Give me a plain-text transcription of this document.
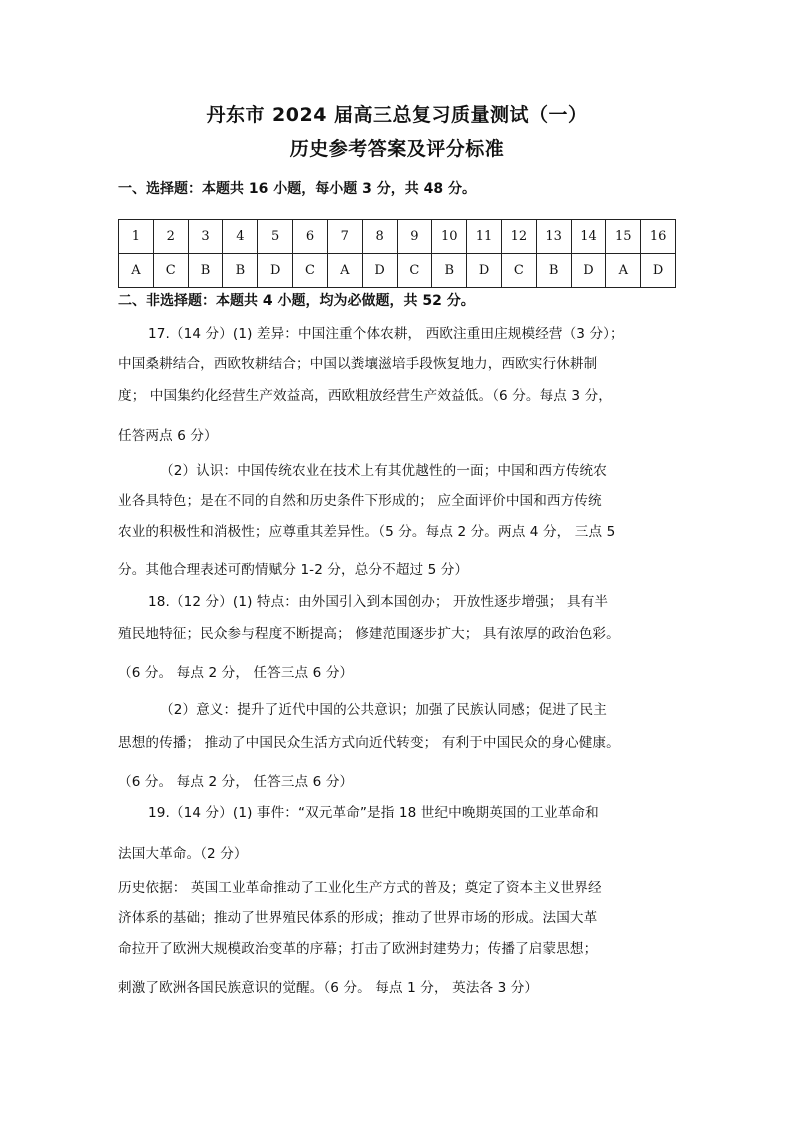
丹东市 2024 届高三总复习质量测试（一）
历史参考答案及评分标准
一、选择题：本题共 16 小题，每小题 3 分，共 48 分。
1	2	3	4	5	6	7	8	9	10	11	12	13	14	15	16
A	C	B	B	D	C	A	D	C	B	D	C	B	D	A	D
二、非选择题：本题共 4 小题，均为必做题，共 52 分。
17.（14 分）(1) 差异：中国注重个体农耕， 西欧注重田庄规模经营（3 分）；
中国桑耕结合，西欧牧耕结合；中国以粪壤滋培手段恢复地力，西欧实行休耕制
度； 中国集约化经营生产效益高，西欧粗放经营生产效益低。（6 分。每点 3 分，
任答两点 6 分）
（2）认识：中国传统农业在技术上有其优越性的一面；中国和西方传统农
业各具特色；是在不同的自然和历史条件下形成的； 应全面评价中国和西方传统
农业的积极性和消极性；应尊重其差异性。（5 分。每点 2 分。两点 4 分， 三点 5
分。其他合理表述可酌情赋分 1-2 分，总分不超过 5 分）
18.（12 分）(1) 特点：由外国引入到本国创办； 开放性逐步增强； 具有半
殖民地特征；民众参与程度不断提高； 修建范围逐步扩大； 具有浓厚的政治色彩。
（6 分。 每点 2 分， 任答三点 6 分）
（2）意义：提升了近代中国的公共意识；加强了民族认同感；促进了民主
思想的传播； 推动了中国民众生活方式向近代转变； 有利于中国民众的身心健康。
（6 分。 每点 2 分， 任答三点 6 分）
19.（14 分）(1) 事件：“双元革命”是指 18 世纪中晚期英国的工业革命和
法国大革命。（2 分）
历史依据： 英国工业革命推动了工业化生产方式的普及；奠定了资本主义世界经
济体系的基础；推动了世界殖民体系的形成；推动了世界市场的形成。法国大革
命拉开了欧洲大规模政治变革的序幕；打击了欧洲封建势力；传播了启蒙思想；
刺激了欧洲各国民族意识的觉醒。（6 分。 每点 1 分， 英法各 3 分）
